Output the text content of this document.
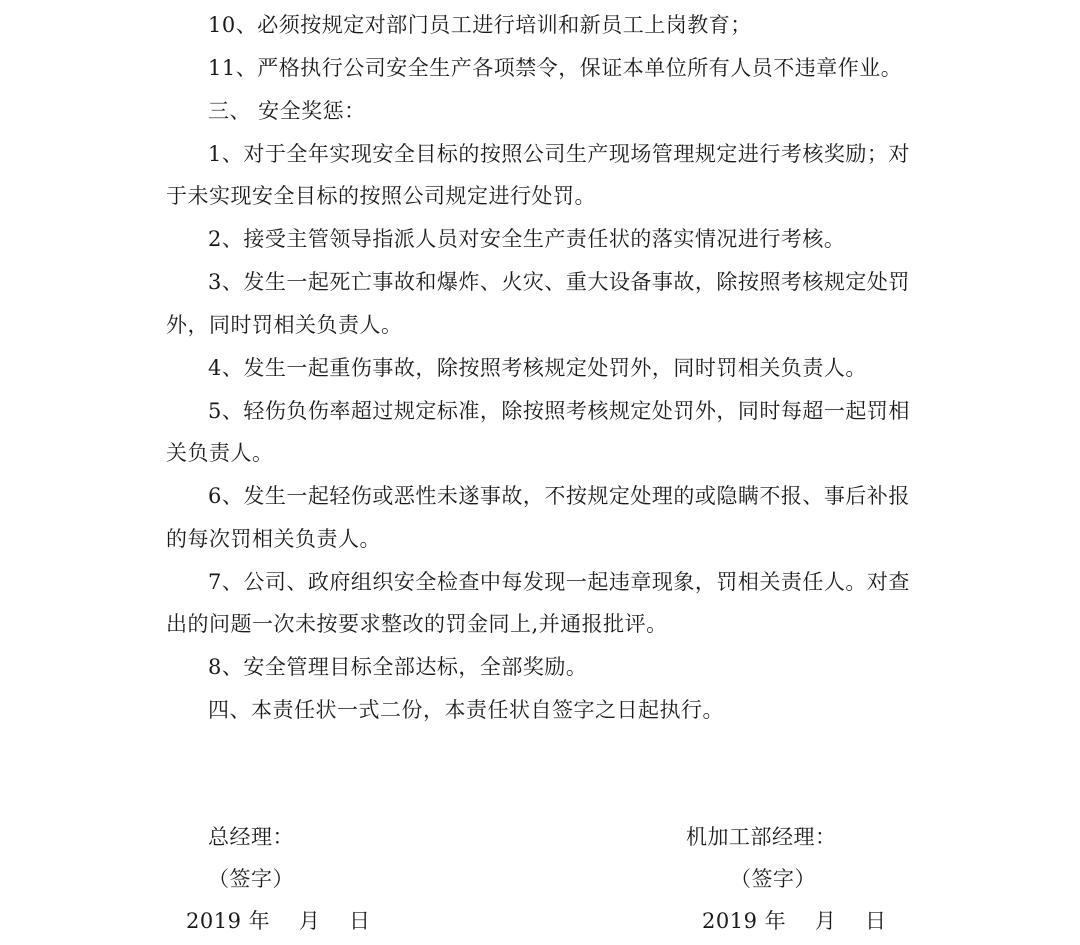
10、必须按规定对部门员工进行培训和新员工上岗教育；
11、严格执行公司安全生产各项禁令，保证本单位所有人员不违章作业。
三、 安全奖惩：
1、对于全年实现安全目标的按照公司生产现场管理规定进行考核奖励；对
于未实现安全目标的按照公司规定进行处罚。
2、接受主管领导指派人员对安全生产责任状的落实情况进行考核。
3、发生一起死亡事故和爆炸、火灾、重大设备事故，除按照考核规定处罚
外，同时罚相关负责人。
4、发生一起重伤事故，除按照考核规定处罚外，同时罚相关负责人。
5、轻伤负伤率超过规定标准，除按照考核规定处罚外，同时每超一起罚相
关负责人。
6、发生一起轻伤或恶性未遂事故，不按规定处理的或隐瞒不报、事后补报
的每次罚相关负责人。
7、公司、政府组织安全检查中每发现一起违章现象，罚相关责任人。对查
出的问题一次未按要求整改的罚金同上,并通报批评。
8、安全管理目标全部达标，全部奖励。
四、本责任状一式二份，本责任状自签字之日起执行。
总经理：
（签字）
2019 年    月    日
机加工部经理：
（签字）
2019 年    月    日
